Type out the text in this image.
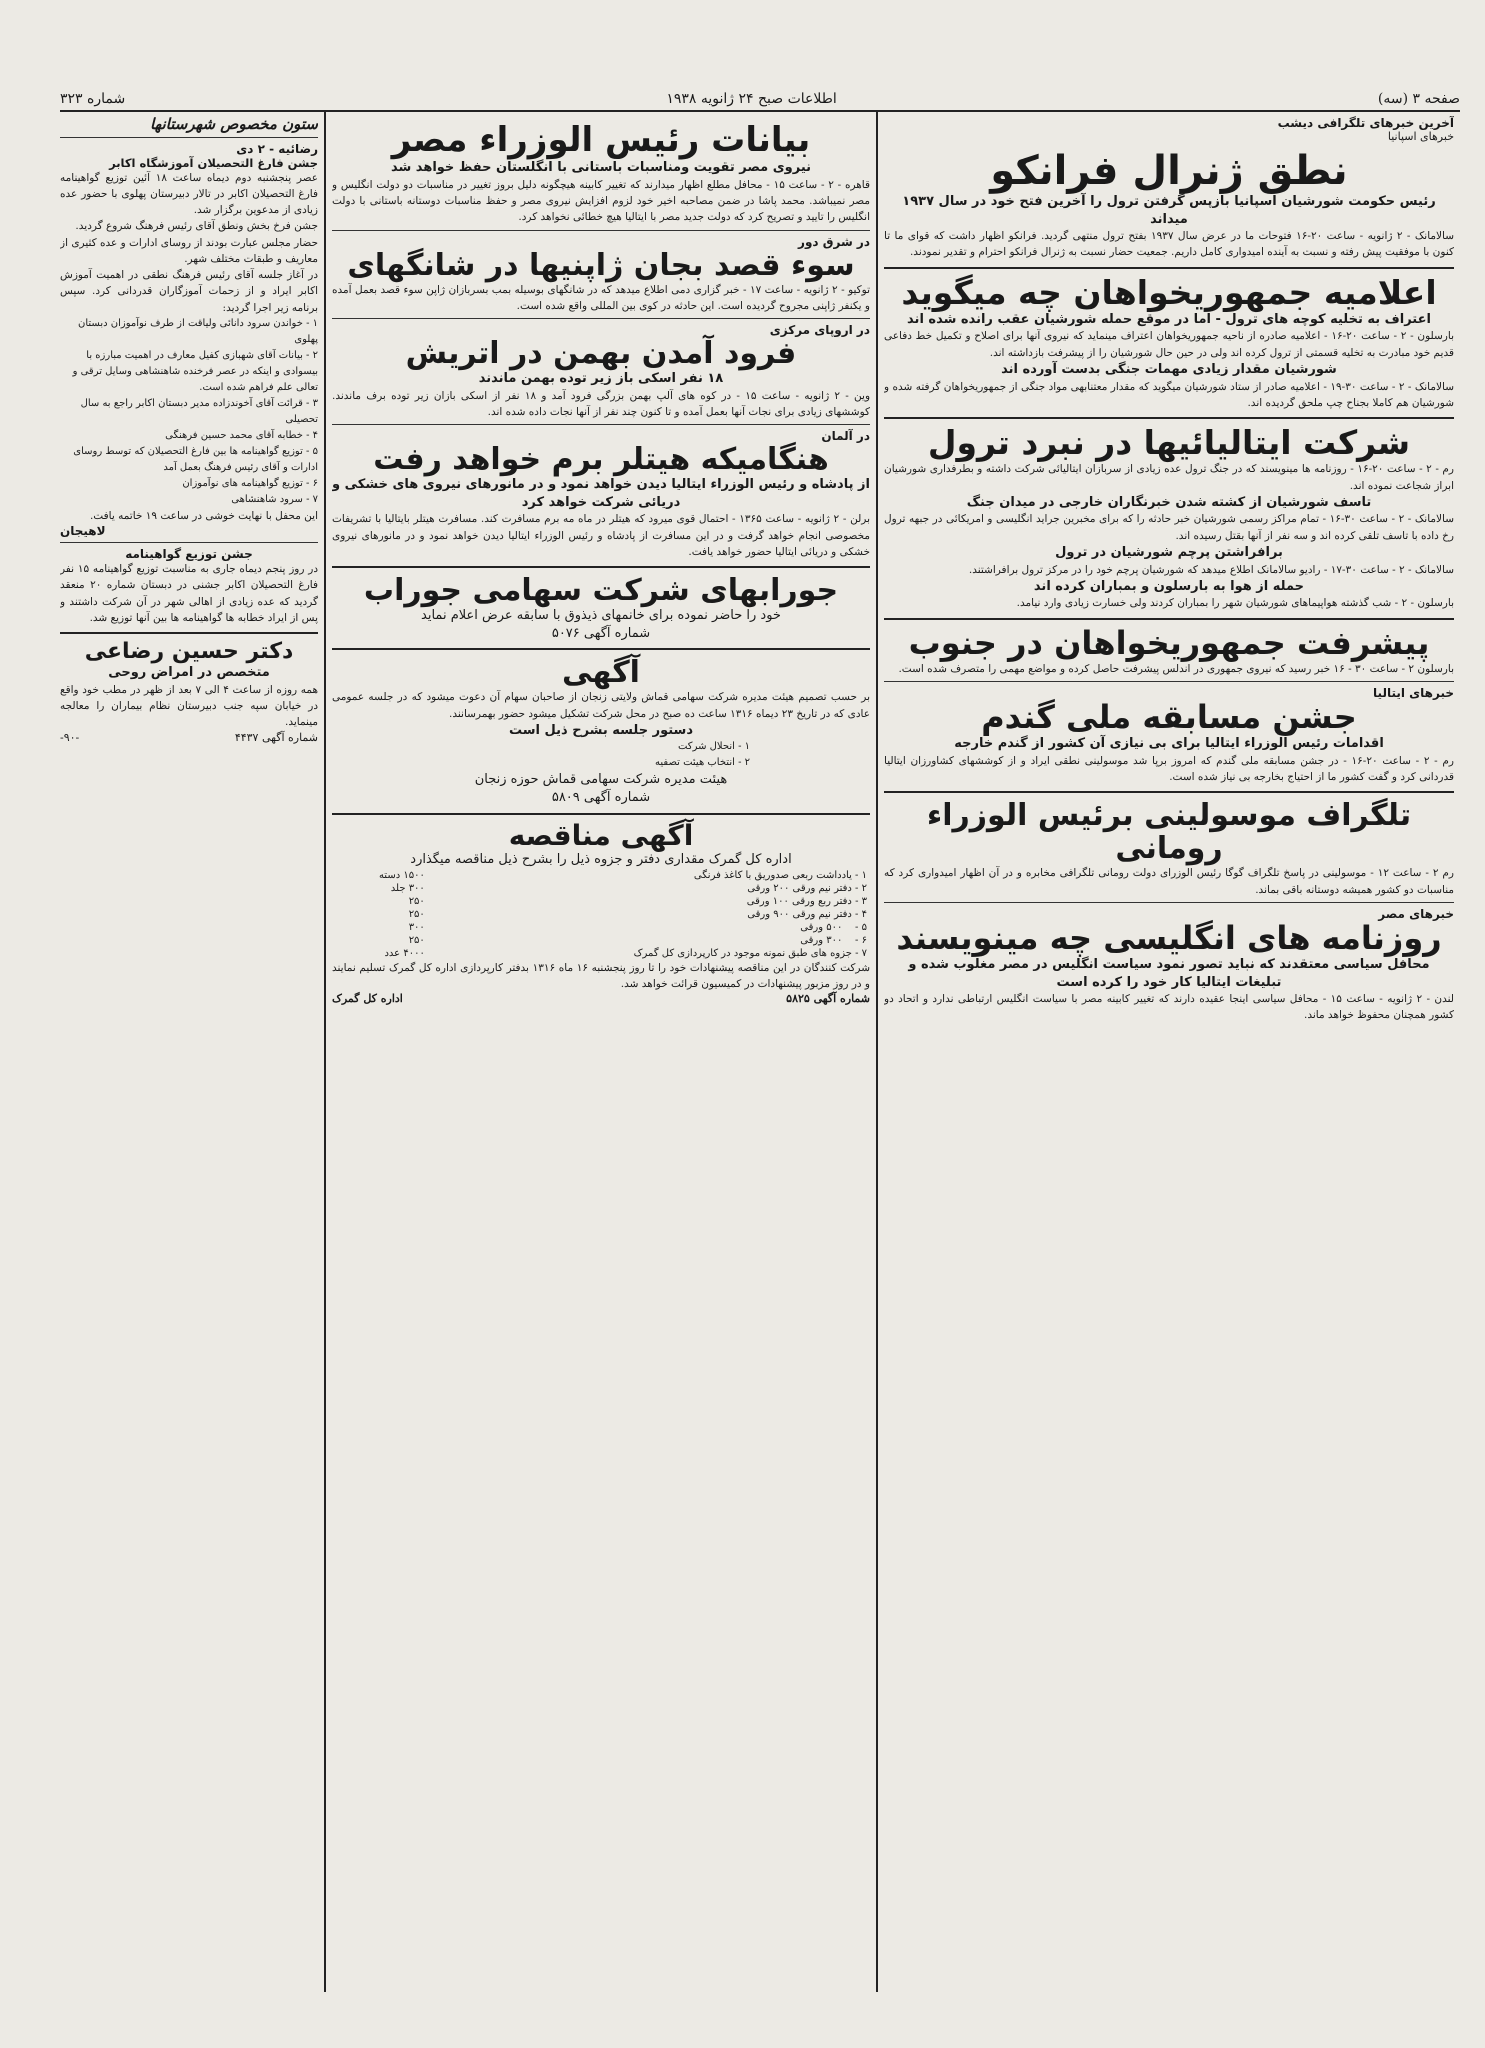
صفحه ۳ (سه)
اطلاعات صبح ۲۴ ژانویه ۱۹۳۸
شماره ۳۲۳
آخرین خبرهای تلگرافی دیشب
خبرهای اسپانیا
نطق ژنرال فرانکو
رئیس حکومت شورشیان اسپانیا بازپس گرفتن ترول را آخرین فتح خود در سال ۱۹۳۷ میداند
سالامانک - ۲ ژانویه - ساعت ۲۰-۱۶ فتوحات ما در عرض سال ۱۹۳۷ بفتح ترول منتهی گردید. فرانکو اظهار داشت که قوای ما تا کنون با موفقیت پیش رفته و نسبت به آینده امیدواری کامل داریم. جمعیت حضار نسبت به ژنرال فرانکو احترام و تقدیر نمودند.
اعلامیه جمهوریخواهان چه میگوید
اعتراف به تخلیه کوچه های ترول - اما در موقع حمله شورشیان عقب رانده شده اند
بارسلون - ۲ - ساعت ۲۰-۱۶ - اعلامیه صادره از ناحیه جمهوریخواهان اعتراف مینماید که نیروی آنها برای اصلاح و تکمیل خط دفاعی قدیم خود مبادرت به تخلیه قسمتی از ترول کرده اند ولی در حین حال شورشیان را از پیشرفت بازداشته اند.
شورشیان مقدار زیادی مهمات جنگی بدست آورده اند
سالامانک - ۲ - ساعت ۳۰-۱۹ - اعلامیه صادر از ستاد شورشیان میگوید که مقدار معتنابهی مواد جنگی از جمهوریخواهان گرفته شده و شورشیان هم کاملا بجناح چپ ملحق گردیده اند.
شرکت ایتالیائیها در نبرد ترول
رم - ۲ - ساعت ۲۰-۱۶ - روزنامه ها مینویسند که در جنگ ترول عده زیادی از سربازان ایتالیائی شرکت داشته و بطرفداری شورشیان ابراز شجاعت نموده اند.
تاسف شورشیان از کشته شدن خبرنگاران خارجی در میدان جنگ
سالامانک - ۲ - ساعت ۳۰-۱۶ - تمام مراکز رسمی شورشیان خبر حادثه را که برای مخبرین جراید انگلیسی و امریکائی در جبهه ترول رخ داده با تاسف تلقی کرده اند و سه نفر از آنها بقتل رسیده اند.
برافراشتن پرچم شورشیان در ترول
سالامانک - ۲ - ساعت ۳۰-۱۷ - رادیو سالامانک اطلاع میدهد که شورشیان پرچم خود را در مرکز ترول برافراشتند.
حمله از هوا به بارسلون و بمباران کرده اند
بارسلون - ۲ - شب گذشته هواپیماهای شورشیان شهر را بمباران کردند ولی خسارت زیادی وارد نیامد.
پیشرفت جمهوریخواهان در جنوب
بارسلون ۲ - ساعت ۳۰ - ۱۶ خبر رسید که نیروی جمهوری در اندلس پیشرفت حاصل کرده و مواضع مهمی را متصرف شده است.
خبرهای ایتالیا
جشن مسابقه ملی گندم
اقدامات رئیس الوزراء ایتالیا برای بی نیازی آن کشور از گندم خارجه
رم - ۲ - ساعت ۲۰-۱۶ - در جشن مسابقه ملی گندم که امروز برپا شد موسولینی نطقی ایراد و از کوششهای کشاورزان ایتالیا قدردانی کرد و گفت کشور ما از احتیاج بخارجه بی نیاز شده است.
تلگراف موسولینی برئیس الوزراء رومانی
رم ۲ - ساعت ۱۲ - موسولینی در پاسخ تلگراف گوگا رئیس الوزرای دولت رومانی تلگرافی مخابره و در آن اظهار امیدواری کرد که مناسبات دو کشور همیشه دوستانه باقی بماند.
خبرهای مصر
روزنامه های انگلیسی چه مینویسند
محافل سیاسی معتقدند که نباید تصور نمود سیاست انگلیس در مصر مغلوب شده و تبلیغات ایتالیا کار خود را کرده است
لندن - ۲ ژانویه - ساعت ۱۵ - محافل سیاسی اینجا عقیده دارند که تغییر کابینه مصر با سیاست انگلیس ارتباطی ندارد و اتحاد دو کشور همچنان محفوظ خواهد ماند.
بیانات رئیس الوزراء مصر
نیروی مصر تقویت ومناسبات باستانی با انگلستان حفظ خواهد شد
قاهره - ۲ - ساعت ۱۵ - محافل مطلع اظهار میدارند که تغییر کابینه هیچگونه دلیل بروز تغییر در مناسبات دو دولت انگلیس و مصر نمیباشد. محمد پاشا در ضمن مصاحبه اخیر خود لزوم افزایش نیروی مصر و حفظ مناسبات دوستانه باستانی با دولت انگلیس را تایید و تصریح کرد که دولت جدید مصر با ایتالیا هیچ خطائی نخواهد کرد.
در شرق دور
سوء قصد بجان ژاپنیها در شانگهای
توکیو - ۲ ژانویه - ساعت ۱۷ - خبر گزاری دمی اطلاع میدهد که در شانگهای بوسیله بمب بسربازان ژاپن سوء قصد بعمل آمده و یکنفر ژاپنی مجروح گردیده است. این حادثه در کوی بین المللی واقع شده است.
در اروپای مرکزی
فرود آمدن بهمن در اتریش
۱۸ نفر اسکی باز زیر توده بهمن ماندند
وین - ۲ ژانویه - ساعت ۱۵ - در کوه های آلپ بهمن بزرگی فرود آمد و ۱۸ نفر از اسکی بازان زیر توده برف ماندند. کوششهای زیادی برای نجات آنها بعمل آمده و تا کنون چند نفر از آنها نجات داده شده اند.
در آلمان
هنگامیکه هیتلر برم خواهد رفت
از پادشاه و رئیس الوزراء ایتالیا دیدن خواهد نمود و در مانورهای نیروی های خشکی و دریائی شرکت خواهد کرد
برلن - ۲ ژانویه - ساعت ۱۳۶۵ - احتمال قوی میرود که هیتلر در ماه مه برم مسافرت کند. مسافرت هیتلر بایتالیا با تشریفات مخصوصی انجام خواهد گرفت و در این مسافرت از پادشاه و رئیس الوزراء ایتالیا دیدن خواهد نمود و در مانورهای نیروی خشکی و دریائی ایتالیا حضور خواهد یافت.
جورابهای شرکت سهامی جوراب
خود را حاضر نموده برای خانمهای ذیذوق با سابقه عرض اعلام نماید
شماره آگهی ۵۰۷۶
آگهی
بر حسب تصمیم هیئت مدیره شرکت سهامی قماش ولایتی زنجان از صاحبان سهام آن دعوت میشود که در جلسه عمومی عادی که در تاریخ ۲۳ دیماه ۱۳۱۶ ساعت ده صبح در محل شرکت تشکیل میشود حضور بهمرسانند.
دستور جلسه بشرح ذیل است
۱ - انحلال شرکت
۲ - انتخاب هیئت تصفیه
هیئت مدیره شرکت سهامی قماش حوزه زنجان
شماره آگهی ۵۸۰۹
آگهی مناقصه
اداره کل گمرک مقداری دفتر و جزوه ذیل را بشرح ذیل مناقصه میگذارد
۱ - یادداشت ربعی صدوریق با کاغذ فرنگی	۱۵۰۰ دسته
۲ - دفتر نیم ورقی ۲۰۰ ورقی	۳۰۰ جلد
۳ - دفتر ربع ورقی ۱۰۰ ورقی	۲۵۰
۴ - دفتر نیم ورقی ۹۰۰ ورقی	۲۵۰
۵ - ‌ ‌ ‌ ۵۰۰ ورقی	۳۰۰
۶ - ‌ ‌ ‌ ۳۰۰ ورقی	۲۵۰
۷ - جزوه های طبق نمونه موجود در کارپردازی کل گمرک	۴۰۰۰ عدد
شرکت کنندگان در این مناقصه پیشنهادات خود را تا روز پنجشنبه ۱۶ ماه ۱۳۱۶ بدفتر کارپردازی اداره کل گمرک تسلیم نمایند و در روز مزبور پیشنهادات در کمیسیون قرائت خواهد شد.
شماره آگهی ۵۸۲۵
اداره کل گمرک
ستون مخصوص شهرستانها
رضائیه - ۲ دی
جشن فارغ التحصیلان آموزشگاه اکابر
عصر پنجشنبه دوم دیماه ساعت ۱۸ آئین توزیع گواهینامه فارغ التحصیلان اکابر در تالار دبیرستان پهلوی با حضور عده زیادی از مدعوین برگزار شد.
جشن فرخ بخش ونطق آقای رئیس فرهنگ شروع گردید.
حضار مجلس عبارت بودند از روسای ادارات و عده کثیری از معاریف و طبقات مختلف شهر.
در آغاز جلسه آقای رئیس فرهنگ نطقی در اهمیت آموزش اکابر ایراد و از زحمات آموزگاران قدردانی کرد. سپس برنامه زیر اجرا گردید:
۱ - خواندن سرود دانائی ولیاقت از طرف نوآموزان دبستان پهلوی
۲ - بیانات آقای شهبازی کفیل معارف در اهمیت مبارزه با بیسوادی و اینکه در عصر فرخنده شاهنشاهی وسایل ترقی و تعالی علم فراهم شده است.
۳ - قرائت آقای آخوندزاده مدیر دبستان اکابر راجع به سال تحصیلی
۴ - خطابه آقای محمد حسین فرهنگی
۵ - توزیع گواهینامه ها بین فارغ التحصیلان که توسط روسای ادارات و آقای رئیس فرهنگ بعمل آمد
۶ - توزیع گواهینامه های نوآموزان
۷ - سرود شاهنشاهی
این محفل با نهایت خوشی در ساعت ۱۹ خاتمه یافت.
لاهیجان
جشن توزیع گواهینامه
در روز پنجم دیماه جاری به مناسبت توزیع گواهینامه ۱۵ نفر فارغ التحصیلان اکابر جشنی در دبستان شماره ۲۰ منعقد گردید که عده زیادی از اهالی شهر در آن شرکت داشتند و پس از ایراد خطابه ها گواهینامه ها بین آنها توزیع شد.
دکتر حسین رضاعی
متخصص در امراض روحی
همه روزه از ساعت ۴ الی ۷ بعد از ظهر در مطب خود واقع در خیابان سپه جنب دبیرستان نظام بیماران را معالجه مینماید.
شماره آگهی ۴۴۳۷
-۹۰-
